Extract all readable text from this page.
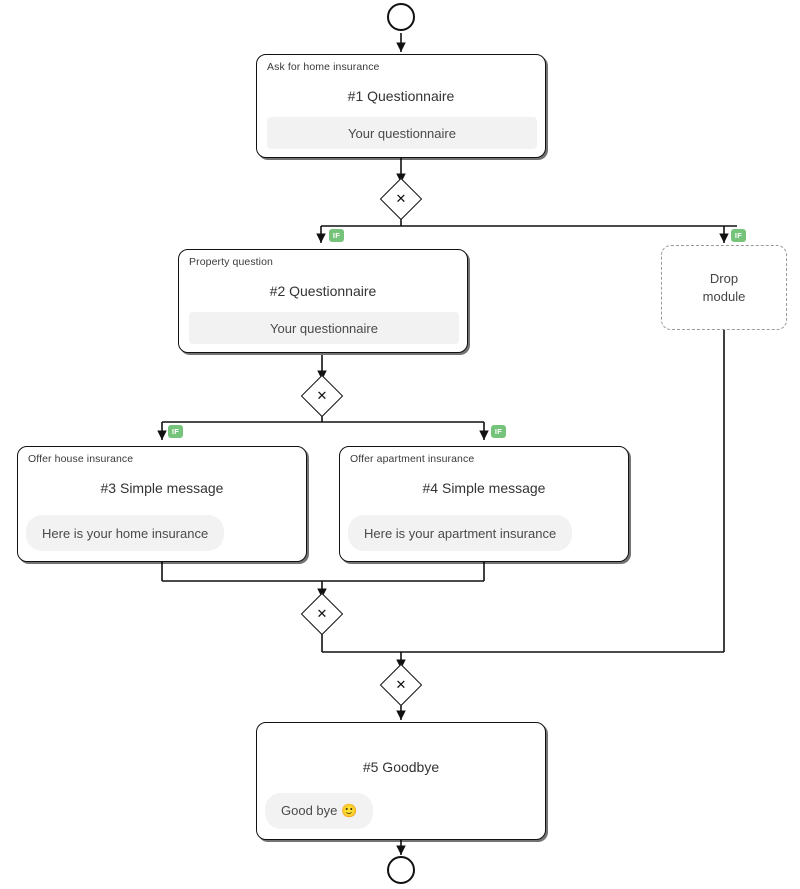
Ask for home insurance
#1 Questionnaire
Your questionnaire
✕
IF	IF
Property question
#2 Questionnaire
Your questionnaire
Drop
module
✕
IF	IF
Offer house insurance
#3 Simple message
Here is your home insurance
Offer apartment insurance
#4 Simple message
Here is your apartment insurance
✕
✕
#5 Goodbye
Good bye 🙂
